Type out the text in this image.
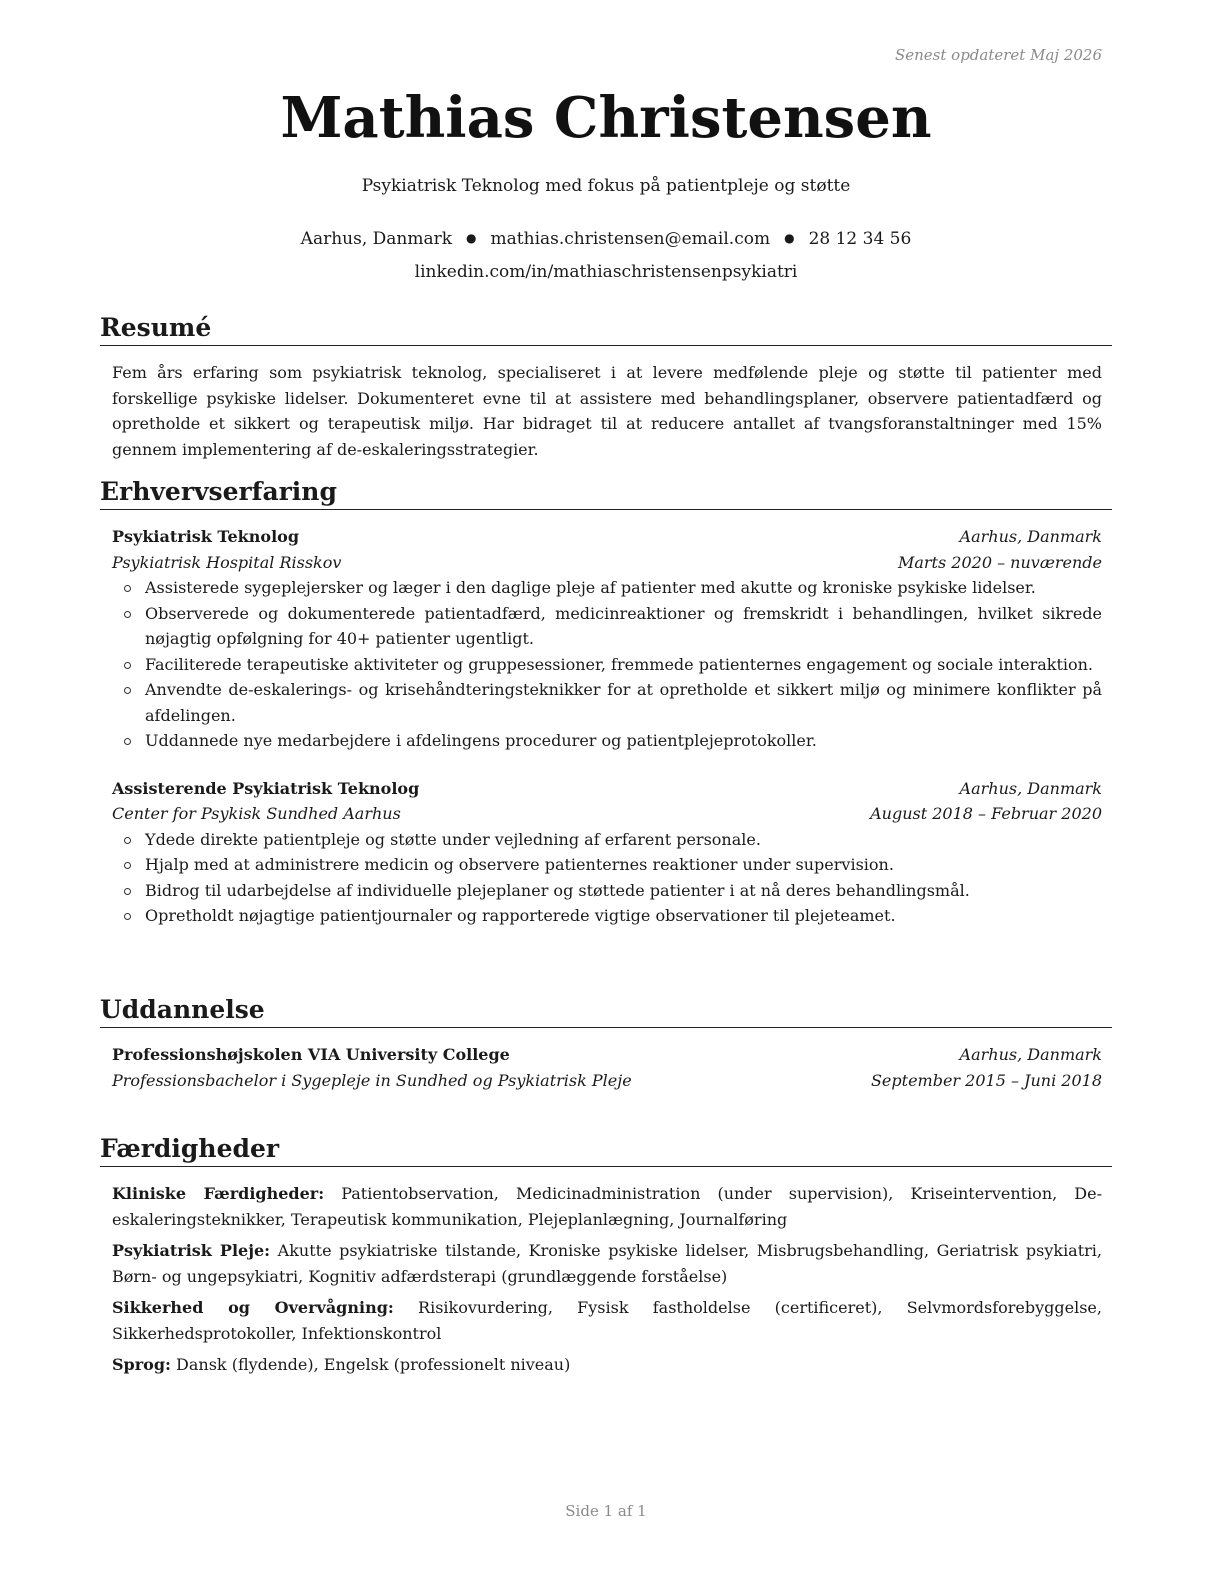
Senest opdateret Maj 2026
Mathias Christensen
Psykiatrisk Teknolog med fokus på patientpleje og støtte
Aarhus, Danmark ● mathias.christensen@email.com ● 28 12 34 56
linkedin.com/in/mathiaschristensenpsykiatri
Resumé
Fem års erfaring som psykiatrisk teknolog, specialiseret i at levere medfølende pleje og støtte til patienter med forskellige psykiske lidelser. Dokumenteret evne til at assistere med behandlingsplaner, observere patientadfærd og opretholde et sikkert og terapeutisk miljø. Har bidraget til at reducere antallet af tvangsforanstaltninger med 15% gennem implementering af de-eskaleringsstrategier.
Erhvervserfaring
Psykiatrisk Teknolog	Aarhus, Danmark
Psykiatrisk Hospital Risskov	Marts 2020 – nuværende
Assisterede sygeplejersker og læger i den daglige pleje af patienter med akutte og kroniske psykiske lidelser.
Observerede og dokumenterede patientadfærd, medicinreaktioner og fremskridt i behandlingen, hvilket sikrede nøjagtig opfølgning for 40+ patienter ugentligt.
Faciliterede terapeutiske aktiviteter og gruppesessioner, fremmede patienternes engagement og sociale interaktion.
Anvendte de-eskalerings- og krisehåndteringsteknikker for at opretholde et sikkert miljø og minimere konflikter på afdelingen.
Uddannede nye medarbejdere i afdelingens procedurer og patientplejeprotokoller.
Assisterende Psykiatrisk Teknolog	Aarhus, Danmark
Center for Psykisk Sundhed Aarhus	August 2018 – Februar 2020
Ydede direkte patientpleje og støtte under vejledning af erfarent personale.
Hjalp med at administrere medicin og observere patienternes reaktioner under supervision.
Bidrog til udarbejdelse af individuelle plejeplaner og støttede patienter i at nå deres behandlingsmål.
Opretholdt nøjagtige patientjournaler og rapporterede vigtige observationer til plejeteamet.
Uddannelse
Professionshøjskolen VIA University College	Aarhus, Danmark
Professionsbachelor i Sygepleje in Sundhed og Psykiatrisk Pleje	September 2015 – Juni 2018
Færdigheder
Kliniske Færdigheder: Patientobservation, Medicinadministration (under supervision), Kriseintervention, De-eskaleringsteknikker, Terapeutisk kommunikation, Plejeplanlægning, Journalføring
Psykiatrisk Pleje: Akutte psykiatriske tilstande, Kroniske psykiske lidelser, Misbrugsbehandling, Geriatrisk psykiatri, Børn- og ungepsykiatri, Kognitiv adfærdsterapi (grundlæggende forståelse)
Sikkerhed og Overvågning: Risikovurdering, Fysisk fastholdelse (certificeret), Selvmordsforebyggelse, Sikkerhedsprotokoller, Infektionskontrol
Sprog: Dansk (flydende), Engelsk (professionelt niveau)
Side 1 af 1
